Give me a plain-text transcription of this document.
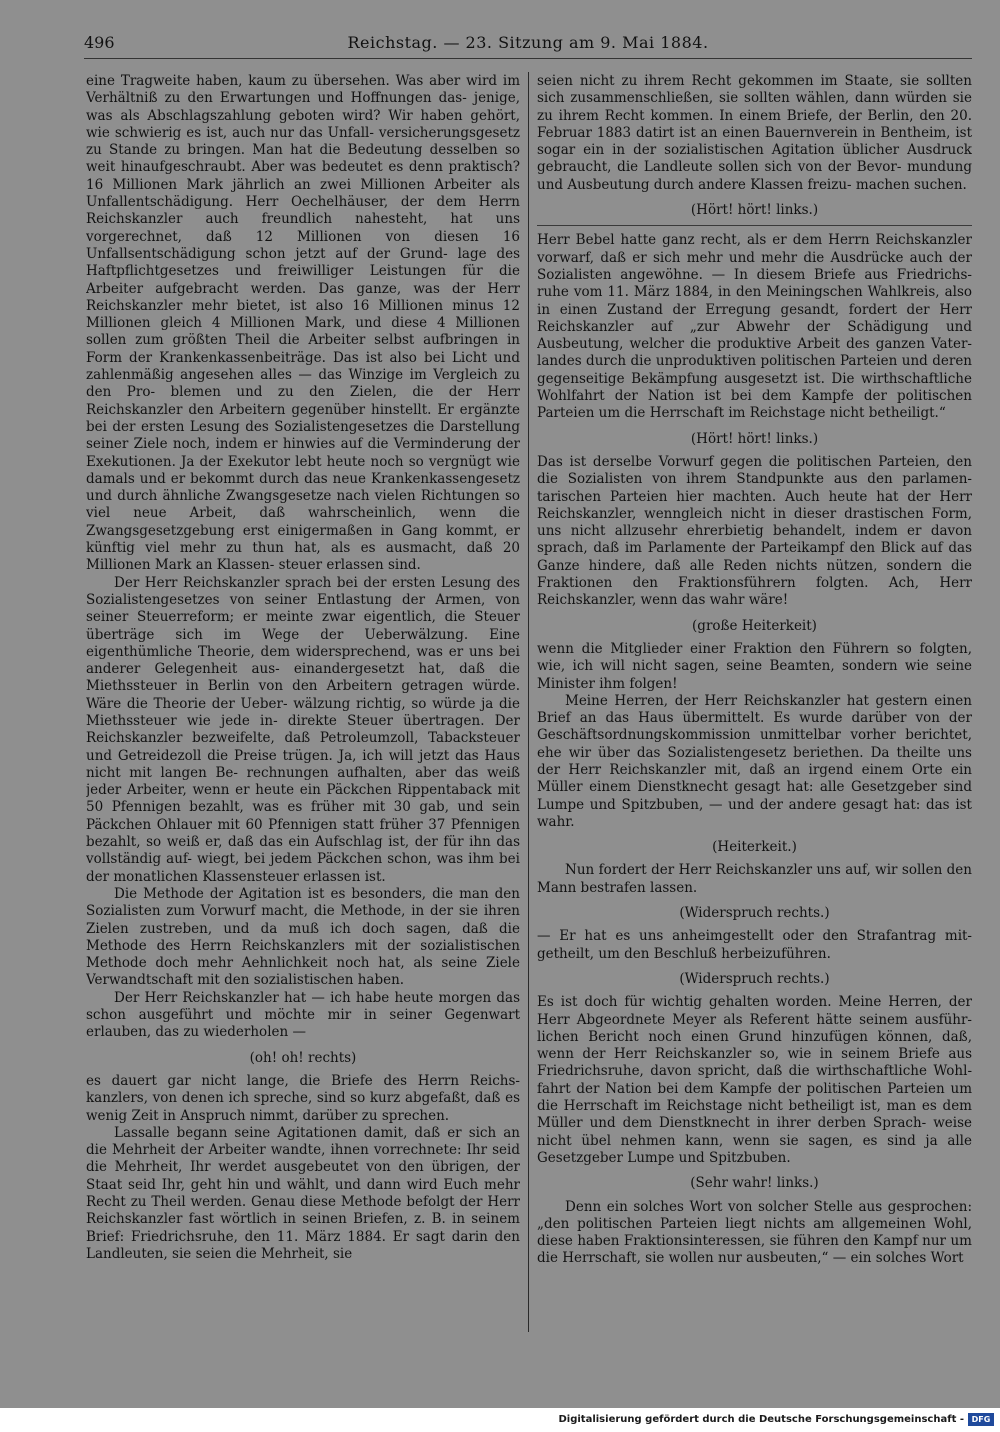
496	Reichstag. — 23. Sitzung am 9. Mai 1884.

eine Tragweite haben, kaum zu übersehen. Was aber wird im Verhältniß zu den Erwartungen und Hoffnungen das- jenige, was als Abschlagszahlung geboten wird? Wir haben gehört, wie schwierig es ist, auch nur das Unfall- versicherungsgesetz zu Stande zu bringen. Man hat die Bedeutung desselben so weit hinaufgeschraubt. Aber was bedeutet es denn praktisch? 16 Millionen Mark jährlich an zwei Millionen Arbeiter als Unfallentschädigung. Herr Oechelhäuser, der dem Herrn Reichskanzler auch freundlich nahesteht, hat uns vorgerechnet, daß 12 Millionen von diesen 16 Unfallsentschädigung schon jetzt auf der Grund- lage des Haftpflichtgesetzes und freiwilliger Leistungen für die Arbeiter aufgebracht werden. Das ganze, was der Herr Reichskanzler mehr bietet, ist also 16 Millionen minus 12 Millionen gleich 4 Millionen Mark, und diese 4 Millionen sollen zum größten Theil die Arbeiter selbst aufbringen in Form der Krankenkassenbeiträge. Das ist also bei Licht und zahlenmäßig angesehen alles — das Winzige im Vergleich zu den Pro- blemen und zu den Zielen, die der Herr Reichskanzler den Arbeitern gegenüber hinstellt. Er ergänzte bei der ersten Lesung des Sozialistengesetzes die Darstellung seiner Ziele noch, indem er hinwies auf die Verminderung der Exekutionen. Ja der Exekutor lebt heute noch so vergnügt wie damals und er bekommt durch das neue Krankenkassengesetz und durch ähnliche Zwangsgesetze nach vielen Richtungen so viel neue Arbeit, daß wahrscheinlich, wenn die Zwangsgesetzgebung erst einigermaßen in Gang kommt, er künftig viel mehr zu thun hat, als es ausmacht, daß 20 Millionen Mark an Klassen- steuer erlassen sind.

Der Herr Reichskanzler sprach bei der ersten Lesung des Sozialistengesetzes von seiner Entlastung der Armen, von seiner Steuerreform; er meinte zwar eigentlich, die Steuer überträge sich im Wege der Ueberwälzung. Eine eigenthümliche Theorie, dem widersprechend, was er uns bei anderer Gelegenheit aus- einandergesetzt hat, daß die Miethssteuer in Berlin von den Arbeitern getragen würde. Wäre die Theorie der Ueber- wälzung richtig, so würde ja die Miethssteuer wie jede in- direkte Steuer übertragen. Der Reichskanzler bezweifelte, daß Petroleumzoll, Tabacksteuer und Getreidezoll die Preise trügen. Ja, ich will jetzt das Haus nicht mit langen Be- rechnungen aufhalten, aber das weiß jeder Arbeiter, wenn er heute ein Päckchen Rippentaback mit 50 Pfennigen bezahlt, was es früher mit 30 gab, und sein Päckchen Ohlauer mit 60 Pfennigen statt früher 37 Pfennigen bezahlt, so weiß er, daß das ein Aufschlag ist, der für ihn das vollständig auf- wiegt, bei jedem Päckchen schon, was ihm bei der monatlichen Klassensteuer erlassen ist.

Die Methode der Agitation ist es besonders, die man den Sozialisten zum Vorwurf macht, die Methode, in der sie ihren Zielen zustreben, und da muß ich doch sagen, daß die Methode des Herrn Reichskanzlers mit der sozialistischen Methode doch mehr Aehnlichkeit noch hat, als seine Ziele Verwandtschaft mit den sozialistischen haben.

Der Herr Reichskanzler hat — ich habe heute morgen das schon ausgeführt und möchte mir in seiner Gegenwart erlauben, das zu wiederholen —

(oh! oh! rechts)

es dauert gar nicht lange, die Briefe des Herrn Reichs- kanzlers, von denen ich spreche, sind so kurz abgefaßt, daß es wenig Zeit in Anspruch nimmt, darüber zu sprechen.

Lassalle begann seine Agitationen damit, daß er sich an die Mehrheit der Arbeiter wandte, ihnen vorrechnete: Ihr seid die Mehrheit, Ihr werdet ausgebeutet von den übrigen, der Staat seid Ihr, geht hin und wählt, und dann wird Euch mehr Recht zu Theil werden. Genau diese Methode befolgt der Herr Reichskanzler fast wörtlich in seinen Briefen, z. B. in seinem Brief: Friedrichsruhe, den 11. März 1884. Er sagt darin den Landleuten, sie seien die Mehrheit, sie

seien nicht zu ihrem Recht gekommen im Staate, sie sollten sich zusammenschließen, sie sollten wählen, dann würden sie zu ihrem Recht kommen. In einem Briefe, der Berlin, den 20. Februar 1883 datirt ist an einen Bauernverein in Bentheim, ist sogar ein in der sozialistischen Agitation üblicher Ausdruck gebraucht, die Landleute sollen sich von der Bevor- mundung und Ausbeutung durch andere Klassen freizu- machen suchen.

(Hört! hört! links.)

Herr Bebel hatte ganz recht, als er dem Herrn Reichskanzler vorwarf, daß er sich mehr und mehr die Ausdrücke auch der Sozialisten angewöhne. — In diesem Briefe aus Friedrichs- ruhe vom 11. März 1884, in den Meiningschen Wahlkreis, also in einen Zustand der Erregung gesandt, fordert der Herr Reichskanzler auf „zur Abwehr der Schädigung und Ausbeutung, welcher die produktive Arbeit des ganzen Vater- landes durch die unproduktiven politischen Parteien und deren gegenseitige Bekämpfung ausgesetzt ist. Die wirthschaftliche Wohlfahrt der Nation ist bei dem Kampfe der politischen Parteien um die Herrschaft im Reichstage nicht betheiligt.“

(Hört! hört! links.)

Das ist derselbe Vorwurf gegen die politischen Parteien, den die Sozialisten von ihrem Standpunkte aus den parlamen- tarischen Parteien hier machten. Auch heute hat der Herr Reichskanzler, wenngleich nicht in dieser drastischen Form, uns nicht allzusehr ehrerbietig behandelt, indem er davon sprach, daß im Parlamente der Parteikampf den Blick auf das Ganze hindere, daß alle Reden nichts nützen, sondern die Fraktionen den Fraktionsführern folgten. Ach, Herr Reichskanzler, wenn das wahr wäre!

(große Heiterkeit)

wenn die Mitglieder einer Fraktion den Führern so folgten, wie, ich will nicht sagen, seine Beamten, sondern wie seine Minister ihm folgen!

Meine Herren, der Herr Reichskanzler hat gestern einen Brief an das Haus übermittelt. Es wurde darüber von der Geschäftsordnungskommission unmittelbar vorher berichtet, ehe wir über das Sozialistengesetz beriethen. Da theilte uns der Herr Reichskanzler mit, daß an irgend einem Orte ein Müller einem Dienstknecht gesagt hat: alle Gesetzgeber sind Lumpe und Spitzbuben, — und der andere gesagt hat: das ist wahr.

(Heiterkeit.)

Nun fordert der Herr Reichskanzler uns auf, wir sollen den Mann bestrafen lassen.

(Widerspruch rechts.)

— Er hat es uns anheimgestellt oder den Strafantrag mit- getheilt, um den Beschluß herbeizuführen.

(Widerspruch rechts.)

Es ist doch für wichtig gehalten worden. Meine Herren, der Herr Abgeordnete Meyer als Referent hätte seinem ausführ- lichen Bericht noch einen Grund hinzufügen können, daß, wenn der Herr Reichskanzler so, wie in seinem Briefe aus Friedrichsruhe, davon spricht, daß die wirthschaftliche Wohl- fahrt der Nation bei dem Kampfe der politischen Parteien um die Herrschaft im Reichstage nicht betheiligt ist, man es dem Müller und dem Dienstknecht in ihrer derben Sprach- weise nicht übel nehmen kann, wenn sie sagen, es sind ja alle Gesetzgeber Lumpe und Spitzbuben.

(Sehr wahr! links.)

Denn ein solches Wort von solcher Stelle aus gesprochen: „den politischen Parteien liegt nichts am allgemeinen Wohl, diese haben Fraktionsinteressen, sie führen den Kampf nur um die Herrschaft, sie wollen nur ausbeuten,“ — ein solches Wort

Digitalisierung gefördert durch die Deutsche Forschungsgemeinschaft - DFG
